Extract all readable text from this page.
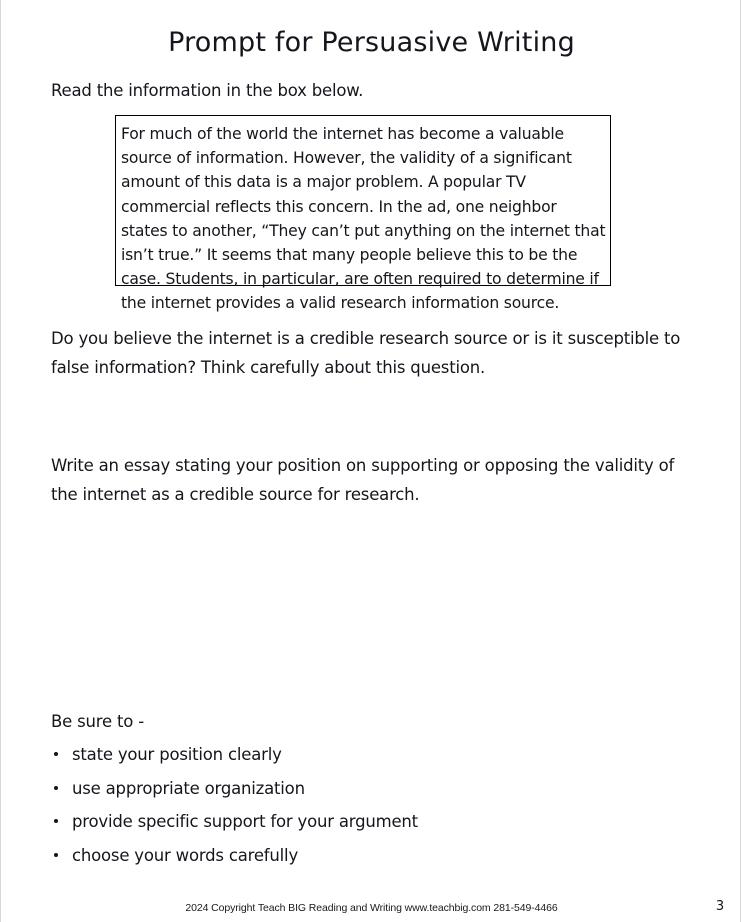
Prompt for Persuasive Writing
Read the information in the box below.
For much of the world the internet has become a valuable source of information. However, the validity of a significant amount of this data is a major problem. A popular TV commercial reflects this concern. In the ad, one neighbor states to another, “They can’t put anything on the internet that isn’t true.” It seems that many people believe this to be the case. Students, in particular, are often required to determine if the internet provides a valid research information source.
Do you believe the internet is a credible research source or is it susceptible to false information? Think carefully about this question.
Write an essay stating your position on supporting or opposing the validity of the internet as a credible source for research.
Be sure to -
state your position clearly
use appropriate organization
provide specific support for your argument
choose your words carefully
2024 Copyright Teach BIG Reading and Writing www.teachbig.com 281-549-4466	3
